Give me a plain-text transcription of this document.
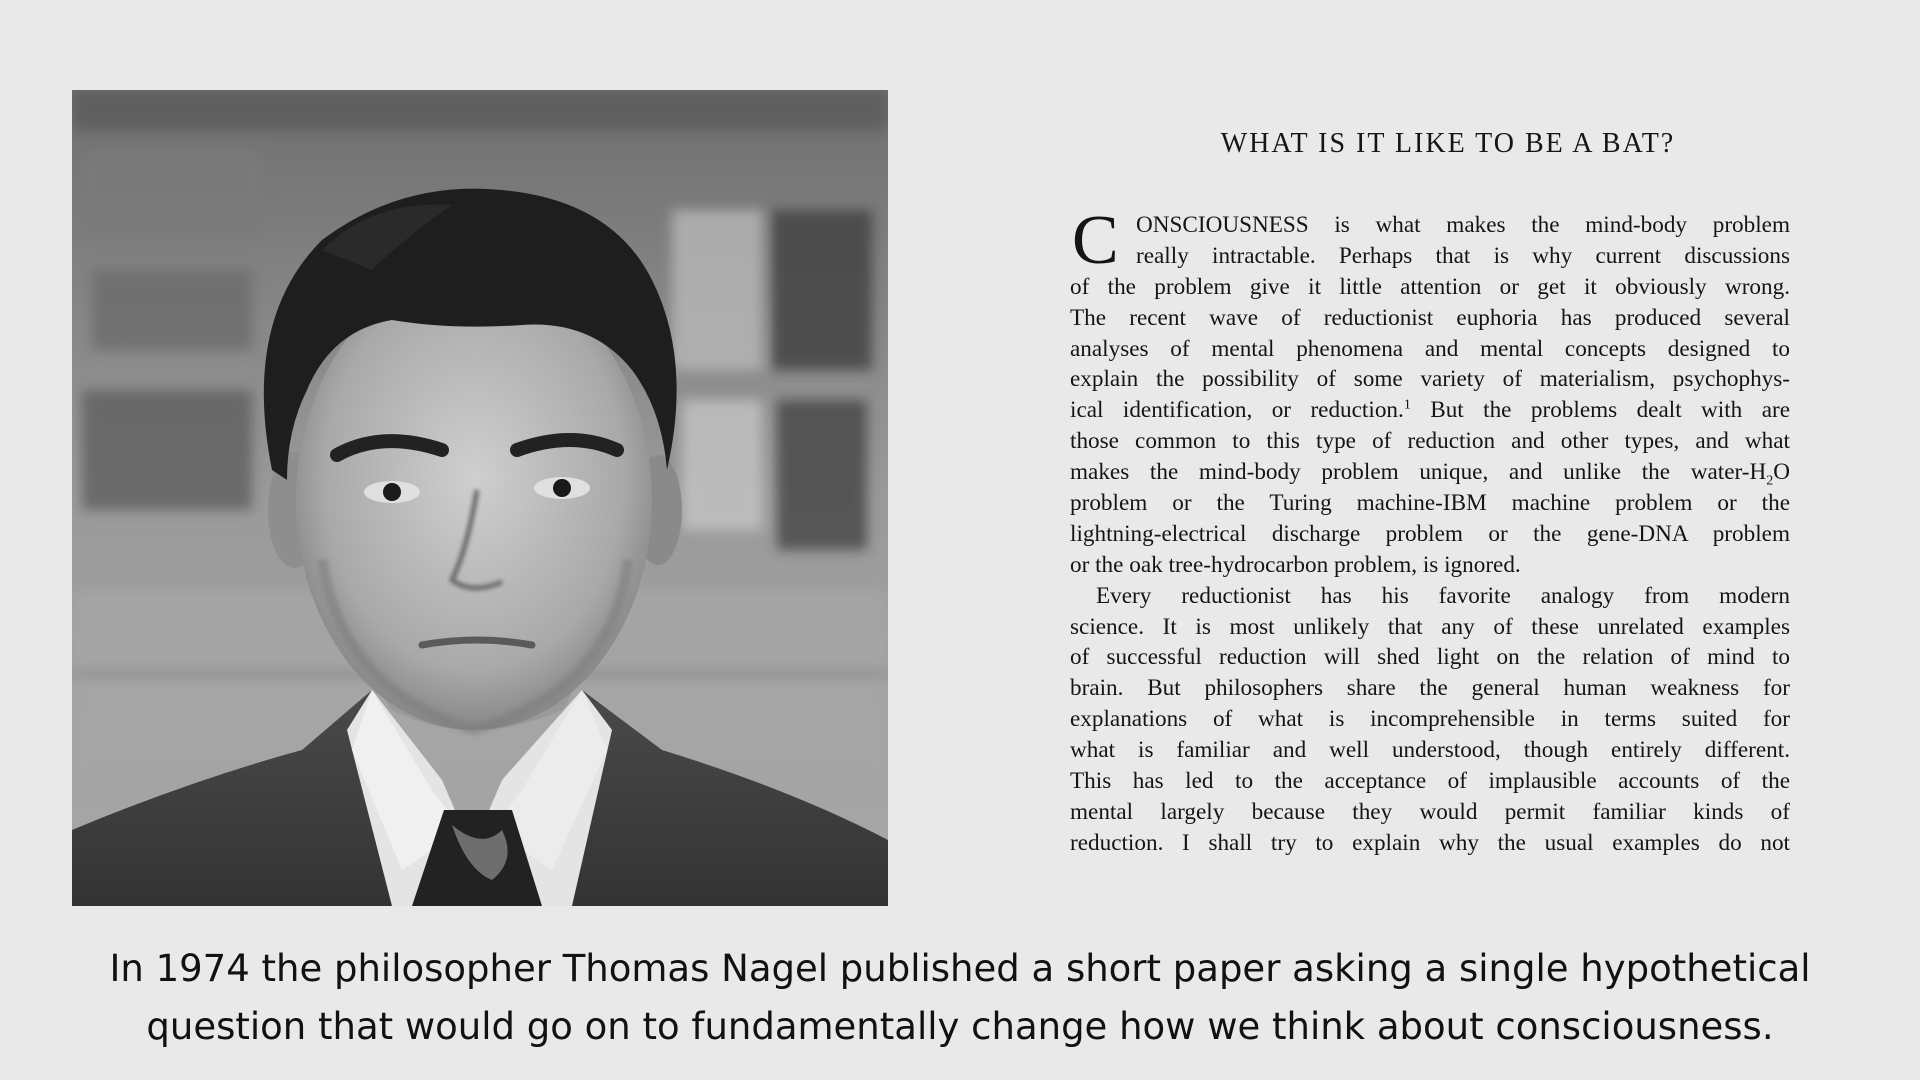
WHAT IS IT LIKE TO BE A BAT?
C ONSCIOUSNESS is what makes the mind-body problem
really intractable. Perhaps that is why current discussions
of the problem give it little attention or get it obviously wrong.
The recent wave of reductionist euphoria has produced several
analyses of mental phenomena and mental concepts designed to
explain the possibility of some variety of materialism, psychophys-
ical identification, or reduction.$^1$ But the problems dealt with are
those common to this type of reduction and other types, and what
makes the mind-body problem unique, and unlike the water-$H_2O$
problem or the Turing machine-IBM machine problem or the
lightning-electrical discharge problem or the gene-DNA problem
or the oak tree-hydrocarbon problem, is ignored.
Every reductionist has his favorite analogy from modern
science. It is most unlikely that any of these unrelated examples
of successful reduction will shed light on the relation of mind to
brain. But philosophers share the general human weakness for
explanations of what is incomprehensible in terms suited for
what is familiar and well understood, though entirely different.
This has led to the acceptance of implausible accounts of the
mental largely because they would permit familiar kinds of
reduction. I shall try to explain why the usual examples do not
In 1974 the philosopher Thomas Nagel published a short paper asking a single hypothetical
question that would go on to fundamentally change how we think about consciousness.
